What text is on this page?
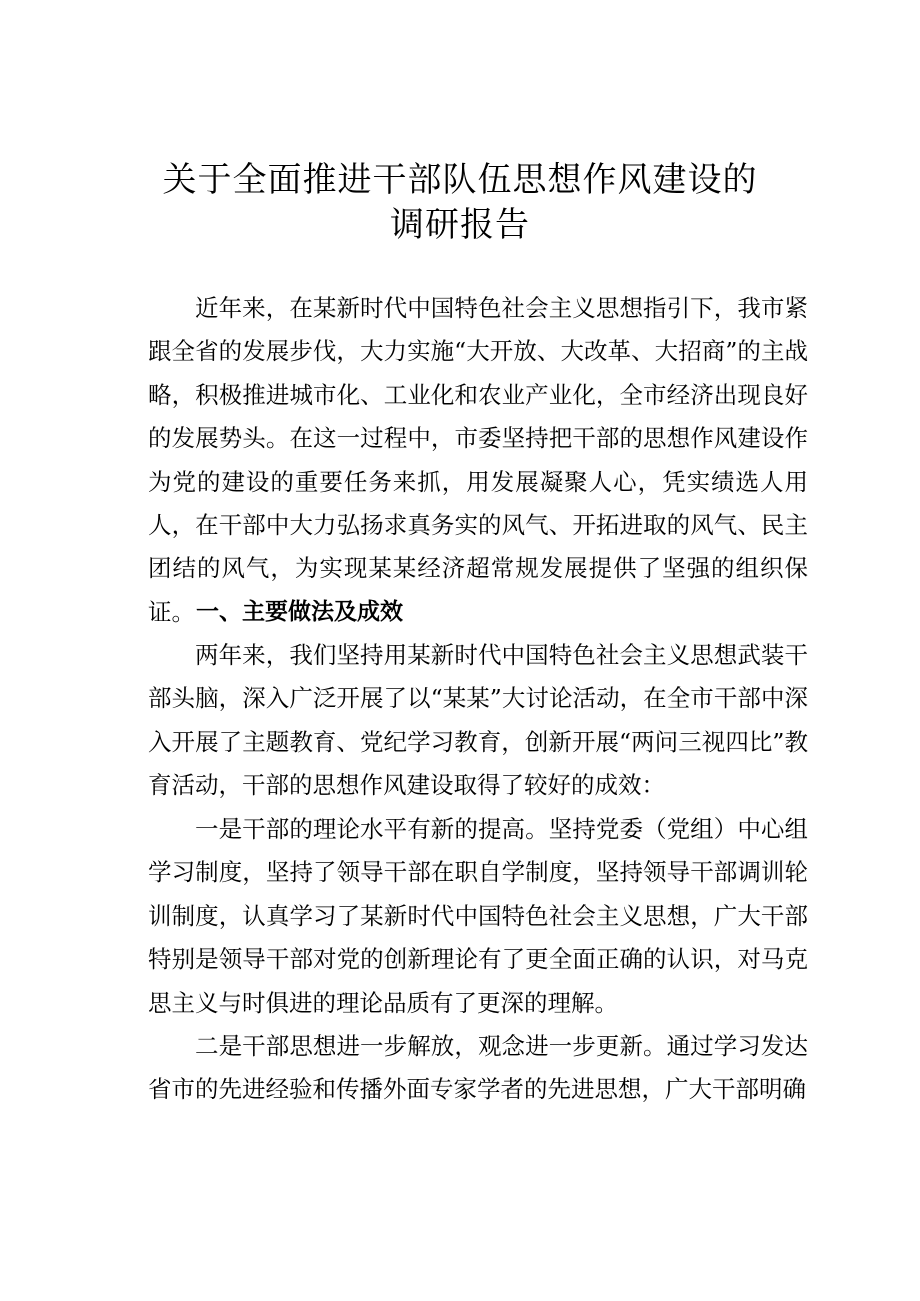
关于全面推进干部队伍思想作风建设的
调研报告

近年来，在某新时代中国特色社会主义思想指引下，我市紧跟全省的发展步伐，大力实施“大开放、大改革、大招商”的主战略，积极推进城市化、工业化和农业产业化，全市经济出现良好的发展势头。在这一过程中，市委坚持把干部的思想作风建设作为党的建设的重要任务来抓，用发展凝聚人心，凭实绩选人用人，在干部中大力弘扬求真务实的风气、开拓进取的风气、民主团结的风气，为实现某某经济超常规发展提供了坚强的组织保证。 一、主要做法及成效

两年来，我们坚持用某新时代中国特色社会主义思想武装干部头脑，深入广泛开展了以“某某”大讨论活动，在全市干部中深入开展了主题教育、党纪学习教育，创新开展“两问三视四比”教育活动，干部的思想作风建设取得了较好的成效：

一是干部的理论水平有新的提高。坚持党委（党组）中心组学习制度，坚持了领导干部在职自学制度，坚持领导干部调训轮训制度，认真学习了某新时代中国特色社会主义思想，广大干部特别是领导干部对党的创新理论有了更全面正确的认识，对马克思主义与时俱进的理论品质有了更深的理解。

二是干部思想进一步解放，观念进一步更新。通过学习发达省市的先进经验和传播外面专家学者的先进思想，广大干部明确
